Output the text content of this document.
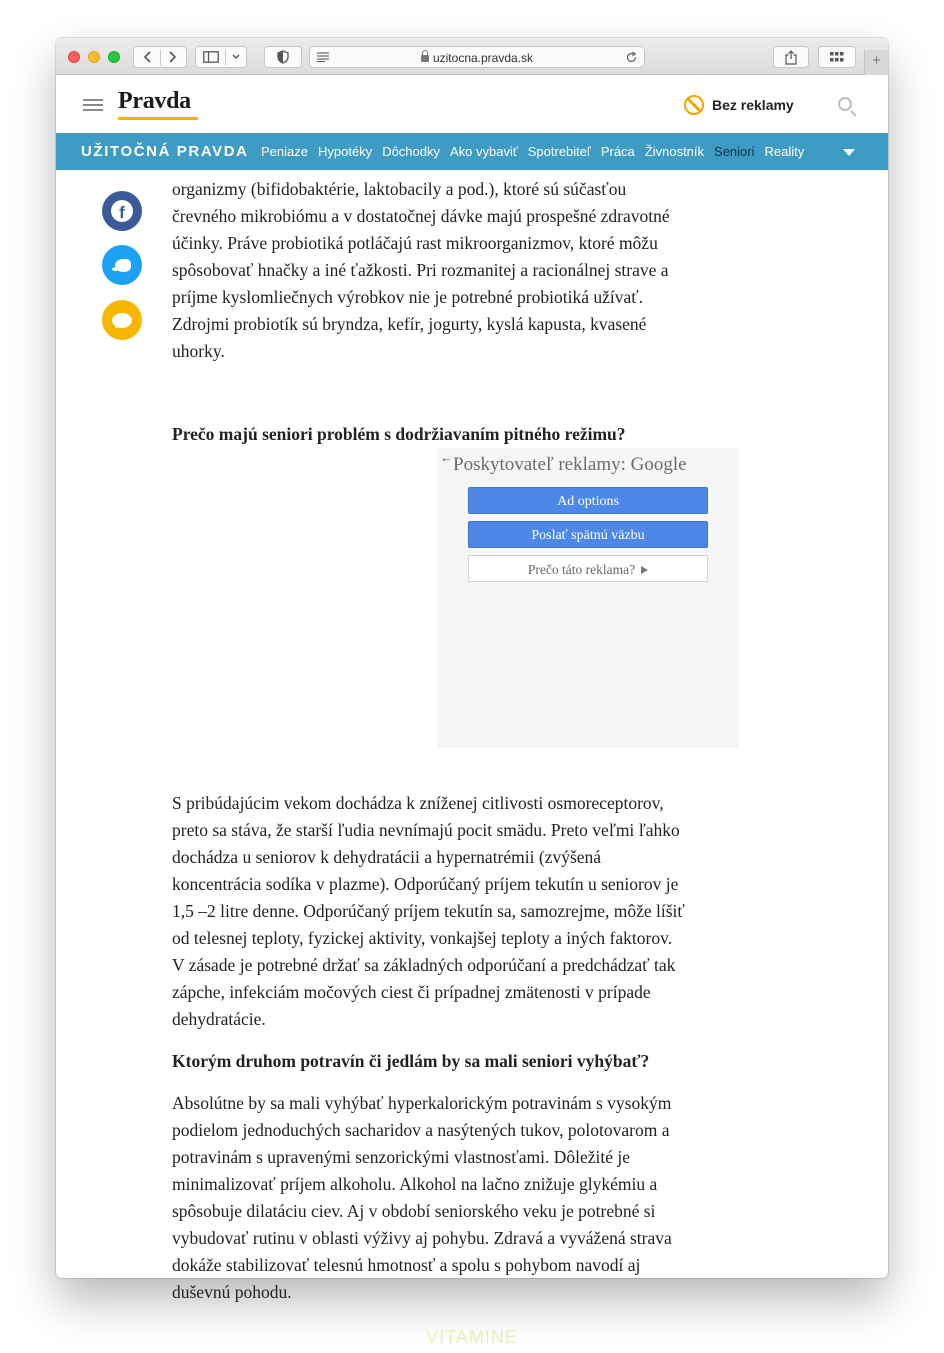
uzitocna.pravda.sk	+
Pravda	Bez reklamy
UŽITOČNÁ PRAVDA Peniaze Hypotéky Dôchodky Ako vybaviť Spotrebiteľ Práca Živnostník Seniori Reality
f
organizmy (bifidobaktérie, laktobacily a pod.), ktoré sú súčasťou
črevného mikrobiómu a v dostatočnej dávke majú prospešné zdravotné
účinky. Práve probiotiká potláčajú rast mikroorganizmov, ktoré môžu
spôsobovať hnačky a iné ťažkosti. Pri rozmanitej a racionálnej strave a
príjme kyslomliečnych výrobkov nie je potrebné probiotiká užívať.
Zdrojmi probiotík sú bryndza, kefír, jogurty, kyslá kapusta, kvasené
uhorky.
Prečo majú seniori problém s dodržiavaním pitného režimu?
← Poskytovateľ reklamy: Google
Ad options
Poslať spätnú väzbu
Prečo táto reklama?
S pribúdajúcim vekom dochádza k zníženej citlivosti osmoreceptorov,
preto sa stáva, že starší ľudia nevnímajú pocit smädu. Preto veľmi ľahko
dochádza u seniorov k dehydratácii a hypernatrémii (zvýšená
koncentrácia sodíka v plazme). Odporúčaný príjem tekutín u seniorov je
1,5 –2 litre denne. Odporúčaný príjem tekutín sa, samozrejme, môže líšiť
od telesnej teploty, fyzickej aktivity, vonkajšej teploty a iných faktorov.
V zásade je potrebné držať sa základných odporúčaní a predchádzať tak
zápche, infekciám močových ciest či prípadnej zmätenosti v prípade
dehydratácie.
Ktorým druhom potravín či jedlám by sa mali seniori vyhýbať?
Absolútne by sa mali vyhýbať hyperkalorickým potravinám s vysokým
podielom jednoduchých sacharidov a nasýtených tukov, polotovarom a
potravinám s upravenými senzorickými vlastnosťami. Dôležité je
minimalizovať príjem alkoholu. Alkohol na lačno znižuje glykémiu a
spôsobuje dilatáciu ciev. Aj v období seniorského veku je potrebné si
vybudovať rutinu v oblasti výživy aj pohybu. Zdravá a vyvážená strava
dokáže stabilizovať telesnú hmotnosť a spolu s pohybom navodí aj
duševnú pohodu.
VITAMINE
